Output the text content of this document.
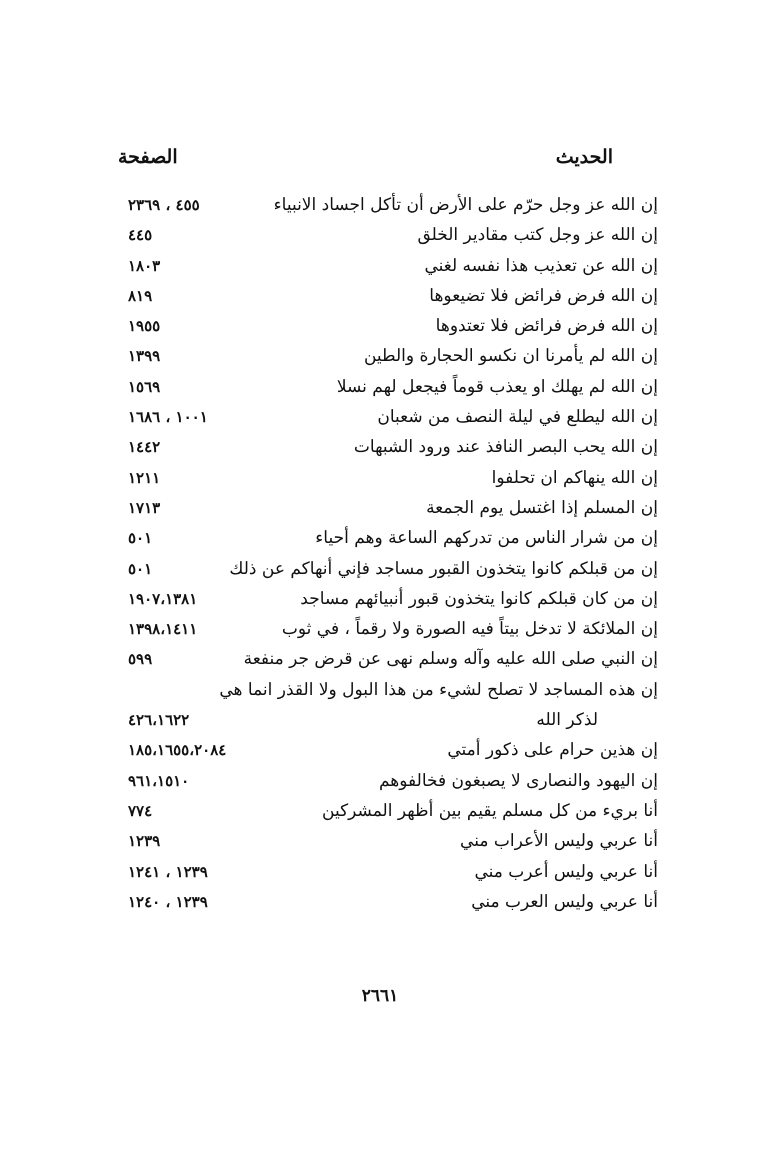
الحديث
الصفحة
إن الله عز وجل حرّم على الأرض أن تأكل اجساد الانبياء
٤٥٥ ، ٢٣٦٩
إن الله عز وجل كتب مقادير الخلق
٤٤٥
إن الله عن تعذيب هذا نفسه لغني
١٨٠٣
إن الله فرض فرائض فلا تضيعوها
٨١٩
إن الله فرض فرائض فلا تعتدوها
١٩٥٥
إن الله لم يأمرنا ان نكسو الحجارة والطين
١٣٩٩
إن الله لم يهلك او يعذب قوماً فيجعل لهم نسلا
١٥٦٩
إن الله ليطلع في ليلة النصف من شعبان
١٠٠١ ، ١٦٨٦
إن الله يحب البصر النافذ عند ورود الشبهات
١٤٤٢
إن الله ينهاكم ان تحلفوا
١٢١١
إن المسلم إذا اغتسل يوم الجمعة
١٧١٣
إن من شرار الناس من تدركهم الساعة وهم أحياء
٥٠١
إن من قبلكم كانوا يتخذون القبور مساجد فإني أنهاكم عن ذلك
٥٠١
إن من كان قبلكم كانوا يتخذون قبور أنبيائهم مساجد
١٩٠٧،١٣٨١
إن الملائكة لا تدخل بيتاً فيه الصورة ولا رقماً ، في ثوب
١٣٩٨،١٤١١
إن النبي صلى الله عليه وآله وسلم نهى عن قرض جر منفعة
٥٩٩
إن هذه المساجد لا تصلح لشيء من هذا البول ولا القذر انما هي
لذكر الله
٤٢٦،١٦٢٢
إن هذين حرام على ذكور أمتي
١٨٥،١٦٥٥،٢٠٨٤
إن اليهود والنصارى لا يصبغون فخالفوهم
٩٦١،١٥١٠
أنا بريء من كل مسلم يقيم بين أظهر المشركين
٧٧٤
أنا عربي وليس الأعراب مني
١٢٣٩
أنا عربي وليس أعرب مني
١٢٣٩ ، ١٢٤١
أنا عربي وليس العرب مني
١٢٣٩ ، ١٢٤٠
٢٦٦١
